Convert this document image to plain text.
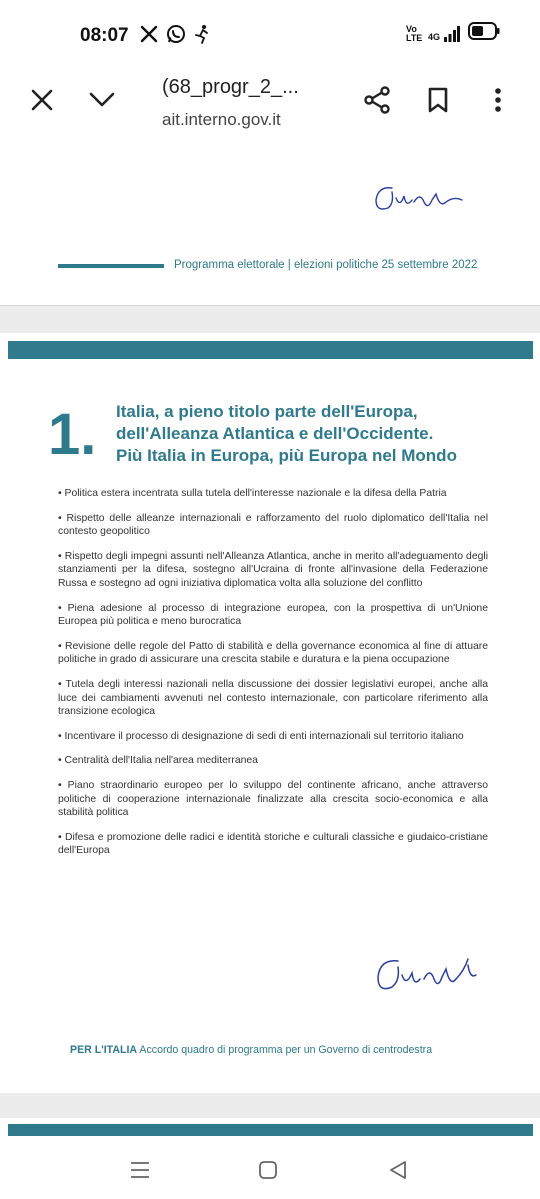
08:07	Vo LTE 4G
(68_progr_2_...
ait.interno.gov.it
Programma elettorale | elezioni politiche 25 settembre 2022
1. Italia, a pieno titolo parte dell'Europa,
dell'Alleanza Atlantica e dell'Occidente.
Più Italia in Europa, più Europa nel Mondo
• Politica estera incentrata sulla tutela dell'interesse nazionale e la difesa della Patria
• Rispetto delle alleanze internazionali e rafforzamento del ruolo diplomatico dell'Italia nel contesto geopolitico
• Rispetto degli impegni assunti nell'Alleanza Atlantica, anche in merito all'adeguamento degli stanziamenti per la difesa, sostegno all'Ucraina di fronte all'invasione della Federazione Russa e sostegno ad ogni iniziativa diplomatica volta alla soluzione del conflitto
• Piena adesione al processo di integrazione europea, con la prospettiva di un'Unione Europea più politica e meno burocratica
• Revisione delle regole del Patto di stabilità e della governance economica al fine di attuare politiche in grado di assicurare una crescita stabile e duratura e la piena occupazione
• Tutela degli interessi nazionali nella discussione dei dossier legislativi europei, anche alla luce dei cambiamenti avvenuti nel contesto internazionale, con particolare riferimento alla transizione ecologica
• Incentivare il processo di designazione di sedi di enti internazionali sul territorio italiano
• Centralità dell'Italia nell'area mediterranea
• Piano straordinario europeo per lo sviluppo del continente africano, anche attraverso politiche di cooperazione internazionale finalizzate alla crescita socio-economica e alla stabilità politica
• Difesa e promozione delle radici e identità storiche e culturali classiche e giudaico-cristiane dell'Europa
PER L'ITALIA Accordo quadro di programma per un Governo di centrodestra
